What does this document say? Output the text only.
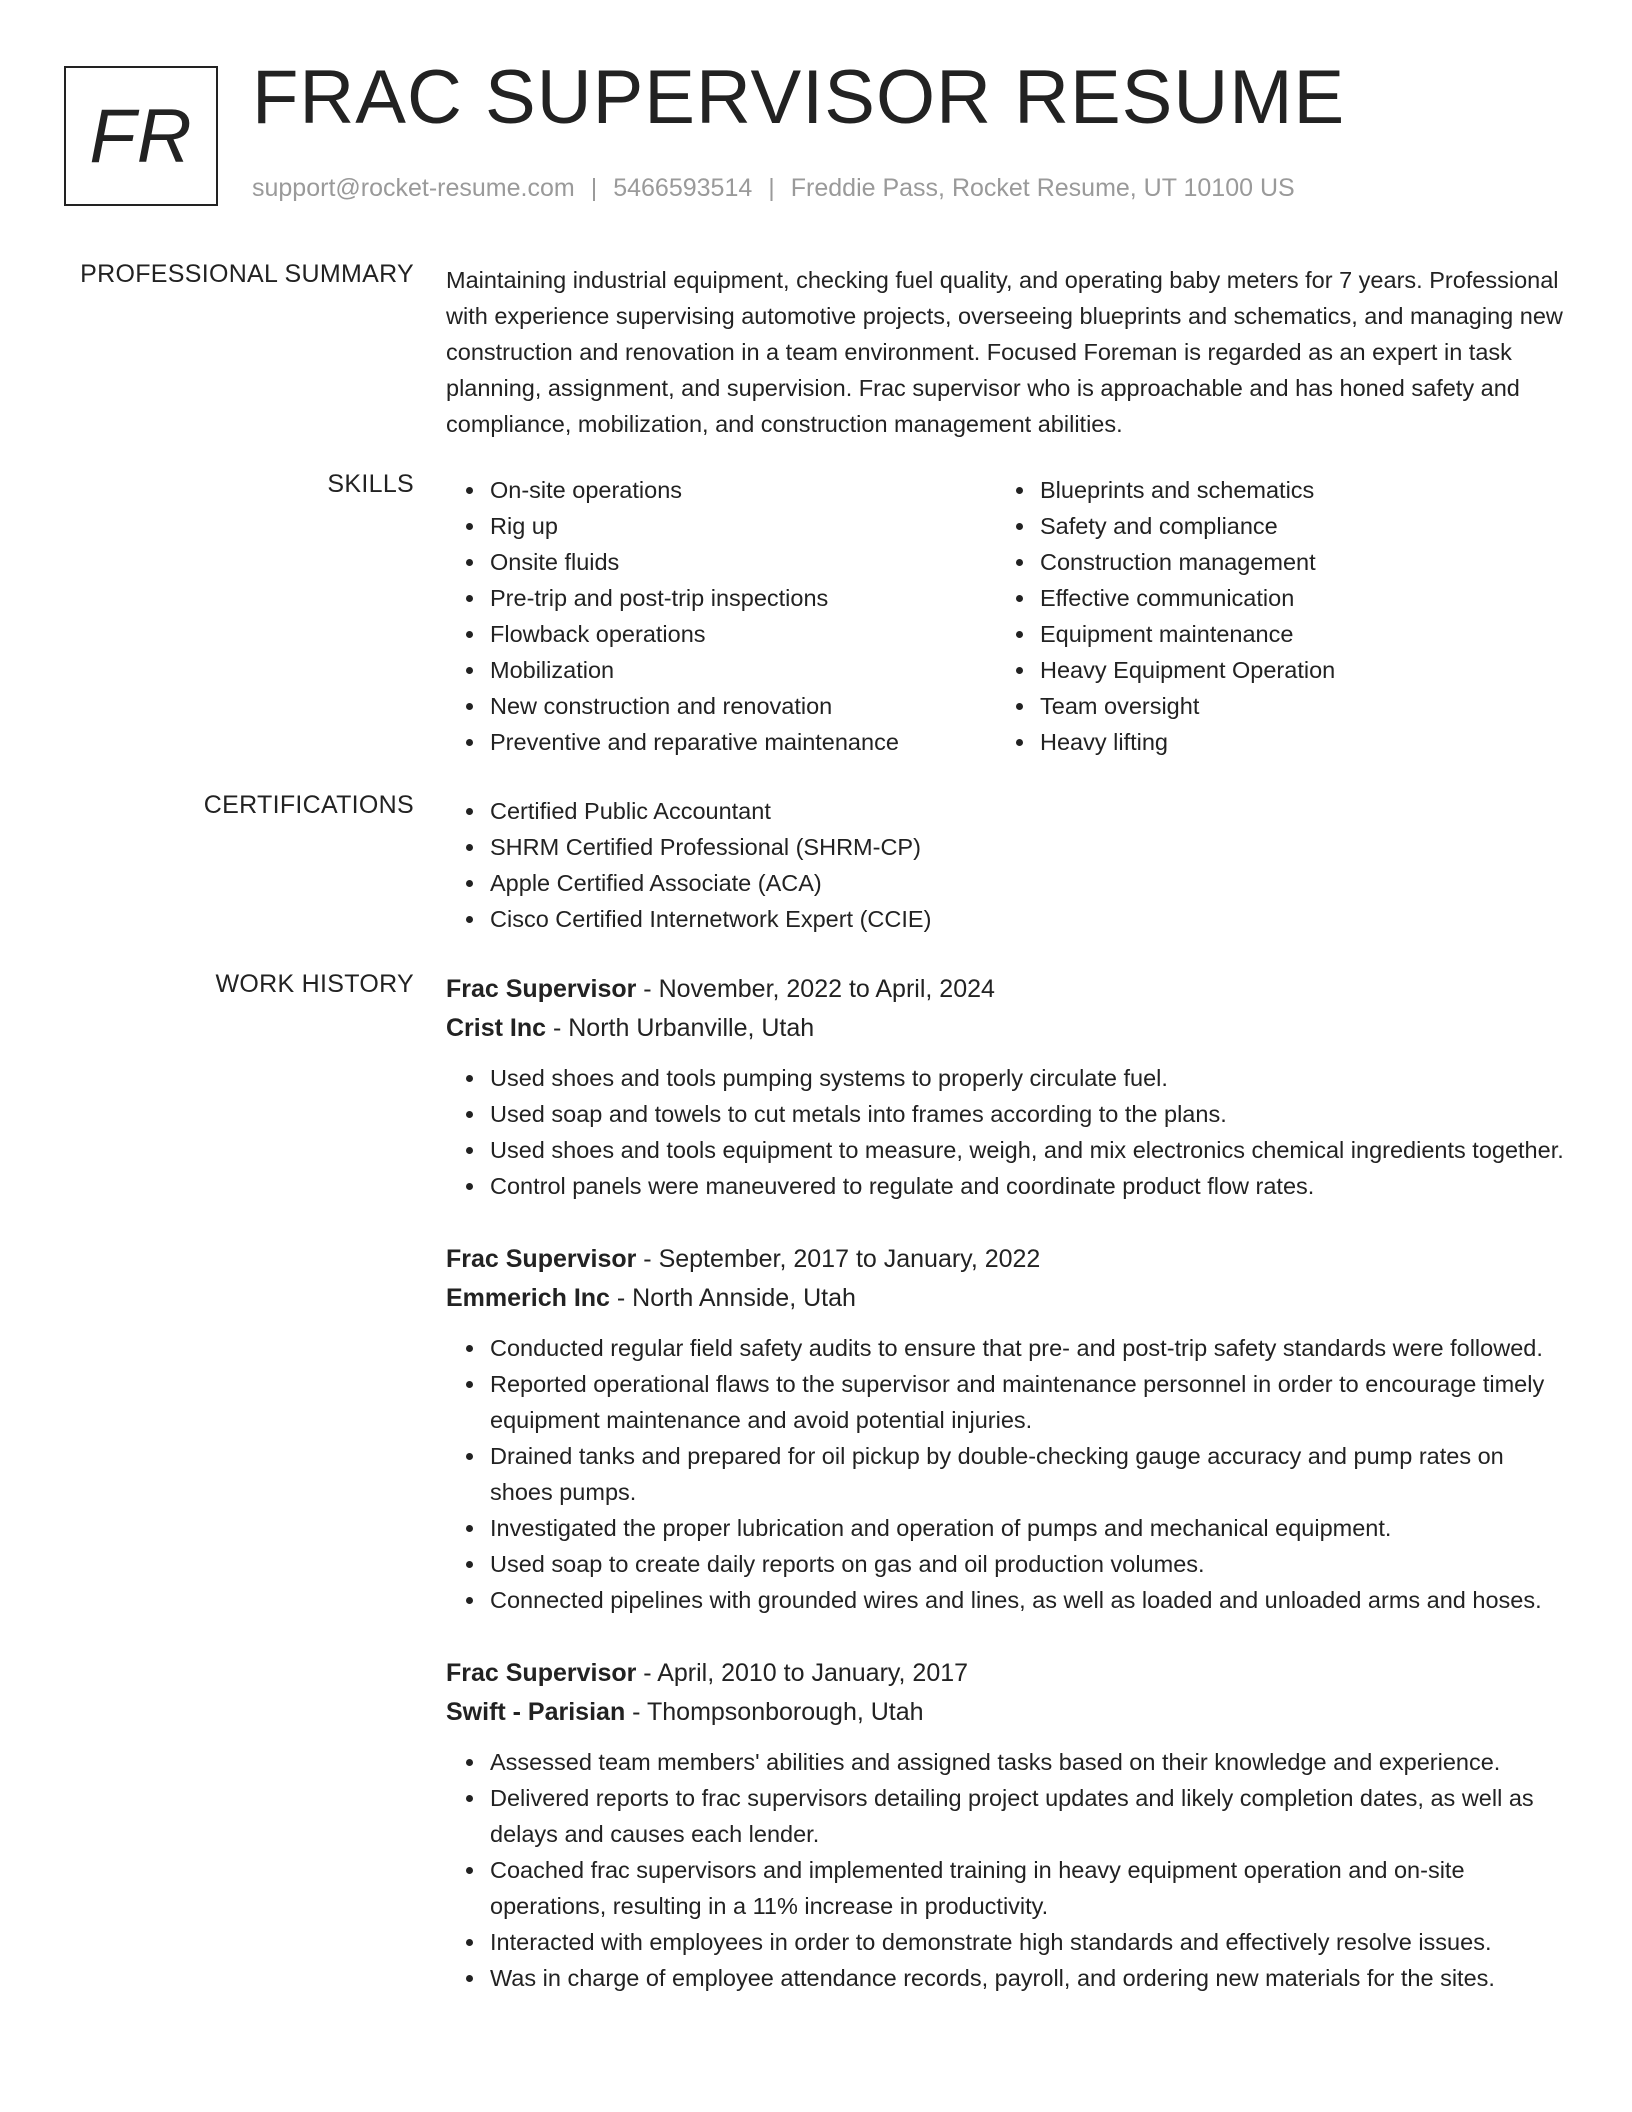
FR FRAC SUPERVISOR RESUME
support@rocket-resume.com | 5466593514 | Freddie Pass, Rocket Resume, UT 10100 US
PROFESSIONAL SUMMARY Maintaining industrial equipment, checking fuel quality, and operating baby meters for 7 years. Professional with experience supervising automotive projects, overseeing blueprints and schematics, and managing new construction and renovation in a team environment. Focused Foreman is regarded as an expert in task planning, assignment, and supervision. Frac supervisor who is approachable and has honed safety and compliance, mobilization, and construction management abilities.

SKILLS	On-site operations
Rig up
Onsite fluids
Pre-trip and post-trip inspections
Flowback operations
Mobilization
New construction and renovation
Preventive and reparative maintenance
Blueprints and schematics
Safety and compliance
Construction management
Effective communication
Equipment maintenance
Heavy Equipment Operation
Team oversight
Heavy lifting
CERTIFICATIONS	Certified Public Accountant
SHRM Certified Professional (SHRM-CP)
Apple Certified Associate (ACA)
Cisco Certified Internetwork Expert (CCIE)
WORK HISTORY Frac Supervisor - November, 2022 to April, 2024
Crist Inc - North Urbanville, Utah
Used shoes and tools pumping systems to properly circulate fuel.
Used soap and towels to cut metals into frames according to the plans.
Used shoes and tools equipment to measure, weigh, and mix electronics chemical ingredients together.
Control panels were maneuvered to regulate and coordinate product flow rates.
Frac Supervisor - September, 2017 to January, 2022
Emmerich Inc - North Annside, Utah
Conducted regular field safety audits to ensure that pre- and post-trip safety standards were followed.
Reported operational flaws to the supervisor and maintenance personnel in order to encourage timely equipment maintenance and avoid potential injuries.
Drained tanks and prepared for oil pickup by double-checking gauge accuracy and pump rates on shoes pumps.
Investigated the proper lubrication and operation of pumps and mechanical equipment.
Used soap to create daily reports on gas and oil production volumes.
Connected pipelines with grounded wires and lines, as well as loaded and unloaded arms and hoses.
Frac Supervisor - April, 2010 to January, 2017
Swift - Parisian - Thompsonborough, Utah
Assessed team members' abilities and assigned tasks based on their knowledge and experience.
Delivered reports to frac supervisors detailing project updates and likely completion dates, as well as delays and causes each lender.
Coached frac supervisors and implemented training in heavy equipment operation and on-site operations, resulting in a 11% increase in productivity.
Interacted with employees in order to demonstrate high standards and effectively resolve issues.
Was in charge of employee attendance records, payroll, and ordering new materials for the sites.
